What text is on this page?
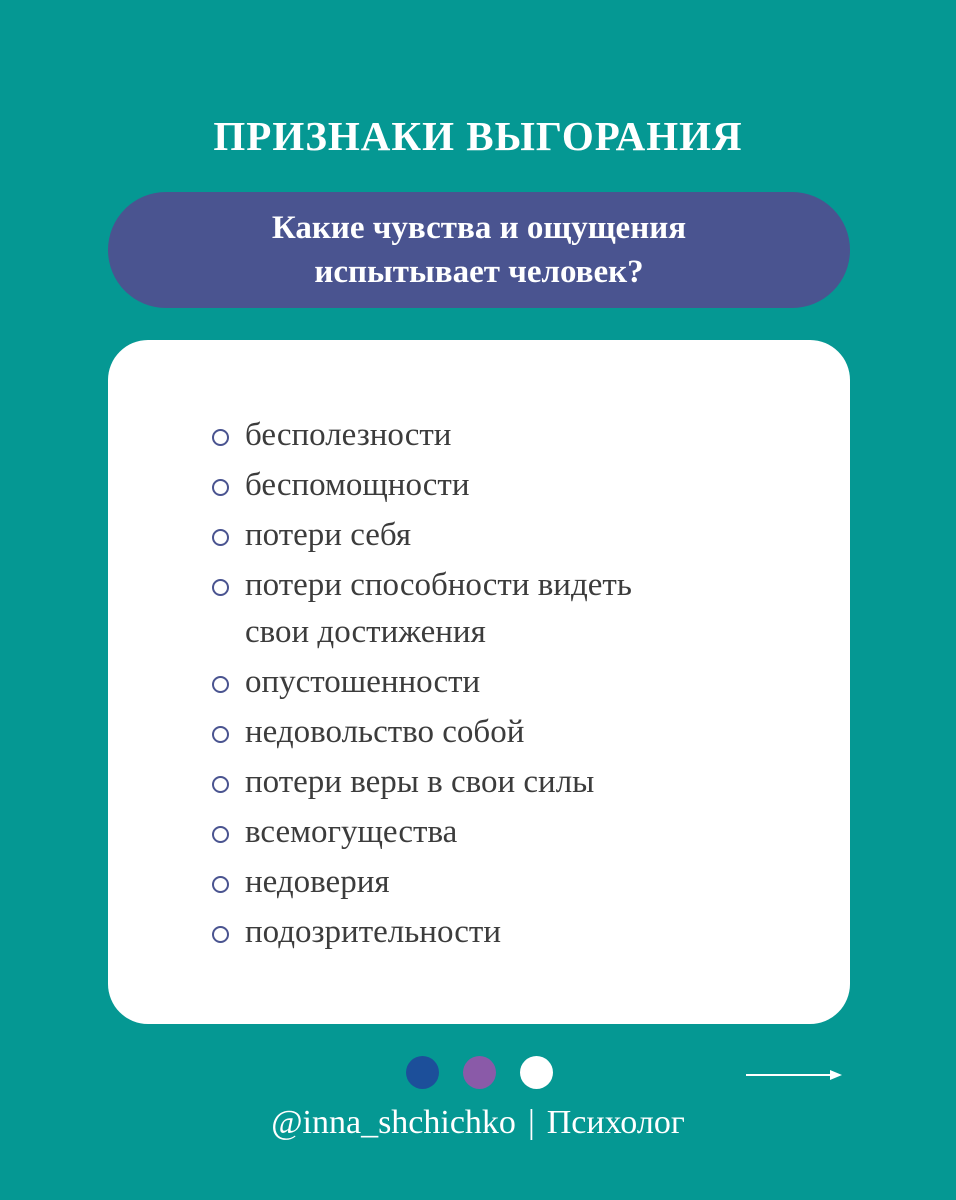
ПРИЗНАКИ ВЫГОРАНИЯ
Какие чувства и ощущения
испытывает человек?
бесполезности
беспомощности
потери себя
потери способности видеть
свои достижения
опустошенности
недовольство собой
потери веры в свои силы
всемогущества
недоверия
подозрительности
@inna_shchichko | Психолог
